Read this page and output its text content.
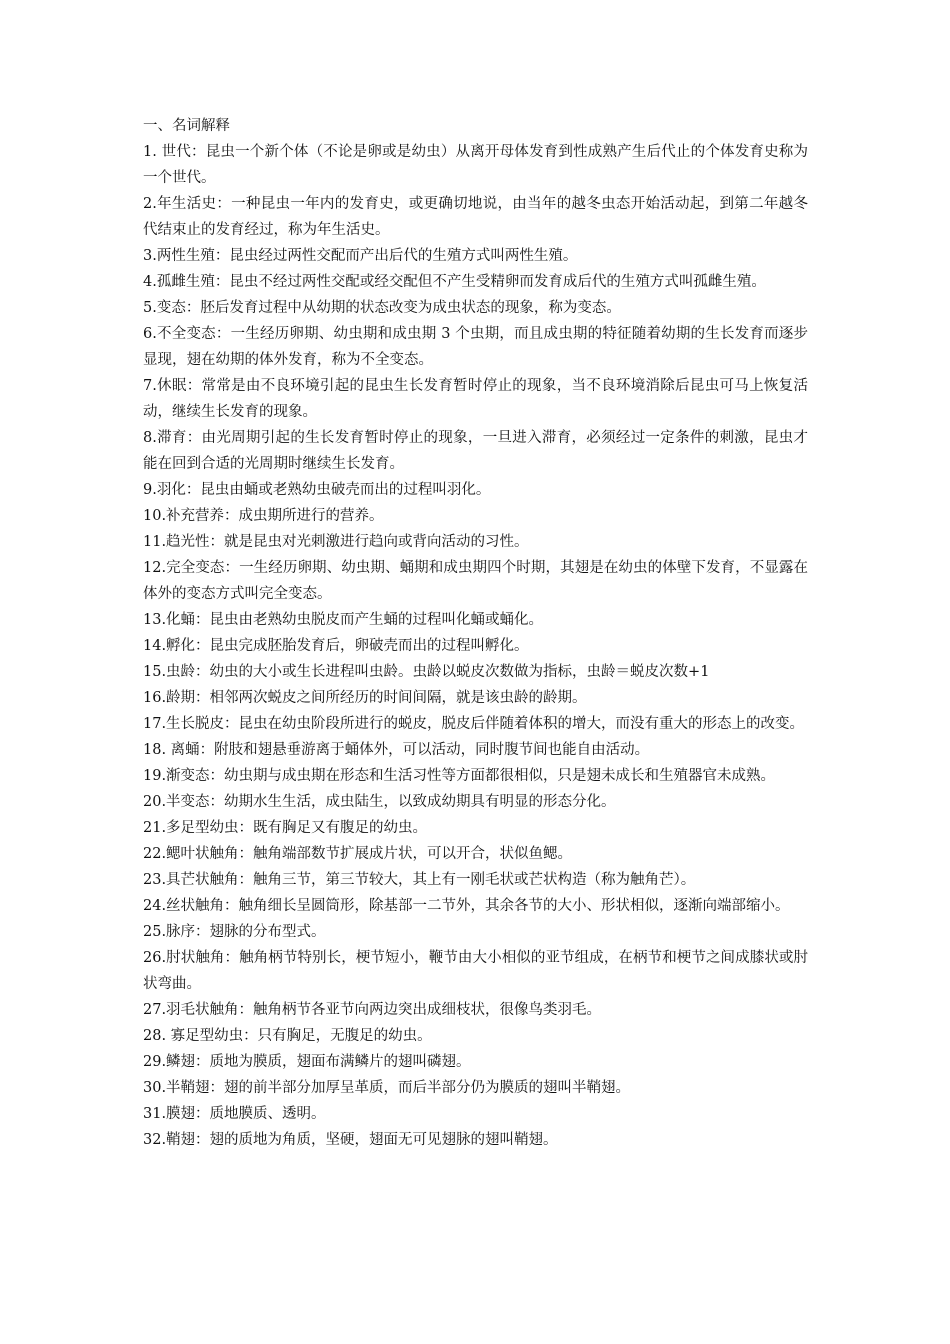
一、名词解释
1. 世代：昆虫一个新个体（不论是卵或是幼虫）从离开母体发育到性成熟产生后代止的个体发育史称为一个世代。
2.年生活史：一种昆虫一年内的发育史，或更确切地说，由当年的越冬虫态开始活动起，到第二年越冬代结束止的发育经过，称为年生活史。
3.两性生殖：昆虫经过两性交配而产出后代的生殖方式叫两性生殖。
4.孤雌生殖：昆虫不经过两性交配或经交配但不产生受精卵而发育成后代的生殖方式叫孤雌生殖。
5.变态：胚后发育过程中从幼期的状态改变为成虫状态的现象，称为变态。
6.不全变态：一生经历卵期、幼虫期和成虫期 3 个虫期，而且成虫期的特征随着幼期的生长发育而逐步显现，翅在幼期的体外发育，称为不全变态。
7.休眠：常常是由不良环境引起的昆虫生长发育暂时停止的现象，当不良环境消除后昆虫可马上恢复活动，继续生长发育的现象。
8.滞育：由光周期引起的生长发育暂时停止的现象，一旦进入滞育，必须经过一定条件的刺激，昆虫才能在回到合适的光周期时继续生长发育。
9.羽化：昆虫由蛹或老熟幼虫破壳而出的过程叫羽化。
10.补充营养：成虫期所进行的营养。
11.趋光性：就是昆虫对光刺激进行趋向或背向活动的习性。
12.完全变态：一生经历卵期、幼虫期、蛹期和成虫期四个时期，其翅是在幼虫的体壁下发育，不显露在体外的变态方式叫完全变态。
13.化蛹：昆虫由老熟幼虫脱皮而产生蛹的过程叫化蛹或蛹化。
14.孵化：昆虫完成胚胎发育后，卵破壳而出的过程叫孵化。
15.虫龄：幼虫的大小或生长进程叫虫龄。虫龄以蜕皮次数做为指标，虫龄＝蜕皮次数+1
16.龄期：相邻两次蜕皮之间所经历的时间间隔，就是该虫龄的龄期。
17.生长脱皮：昆虫在幼虫阶段所进行的蜕皮，脱皮后伴随着体积的增大，而没有重大的形态上的改变。
18. 离蛹：附肢和翅悬垂游离于蛹体外，可以活动，同时腹节间也能自由活动。
19.渐变态：幼虫期与成虫期在形态和生活习性等方面都很相似，只是翅未成长和生殖器官未成熟。
20.半变态：幼期水生生活，成虫陆生，以致成幼期具有明显的形态分化。
21.多足型幼虫：既有胸足又有腹足的幼虫。
22.鳃叶状触角：触角端部数节扩展成片状，可以开合，状似鱼鳃。
23.具芒状触角：触角三节，第三节较大，其上有一刚毛状或芒状构造（称为触角芒）。
24.丝状触角：触角细长呈圆筒形，除基部一二节外，其余各节的大小、形状相似，逐渐向端部缩小。
25.脉序：翅脉的分布型式。
26.肘状触角：触角柄节特别长，梗节短小，鞭节由大小相似的亚节组成，在柄节和梗节之间成膝状或肘状弯曲。
27.羽毛状触角：触角柄节各亚节向两边突出成细枝状，很像鸟类羽毛。
28. 寡足型幼虫：只有胸足，无腹足的幼虫。
29.鳞翅：质地为膜质，翅面布满鳞片的翅叫磷翅。
30.半鞘翅：翅的前半部分加厚呈革质，而后半部分仍为膜质的翅叫半鞘翅。
31.膜翅：质地膜质、透明。
32.鞘翅：翅的质地为角质，坚硬，翅面无可见翅脉的翅叫鞘翅。
